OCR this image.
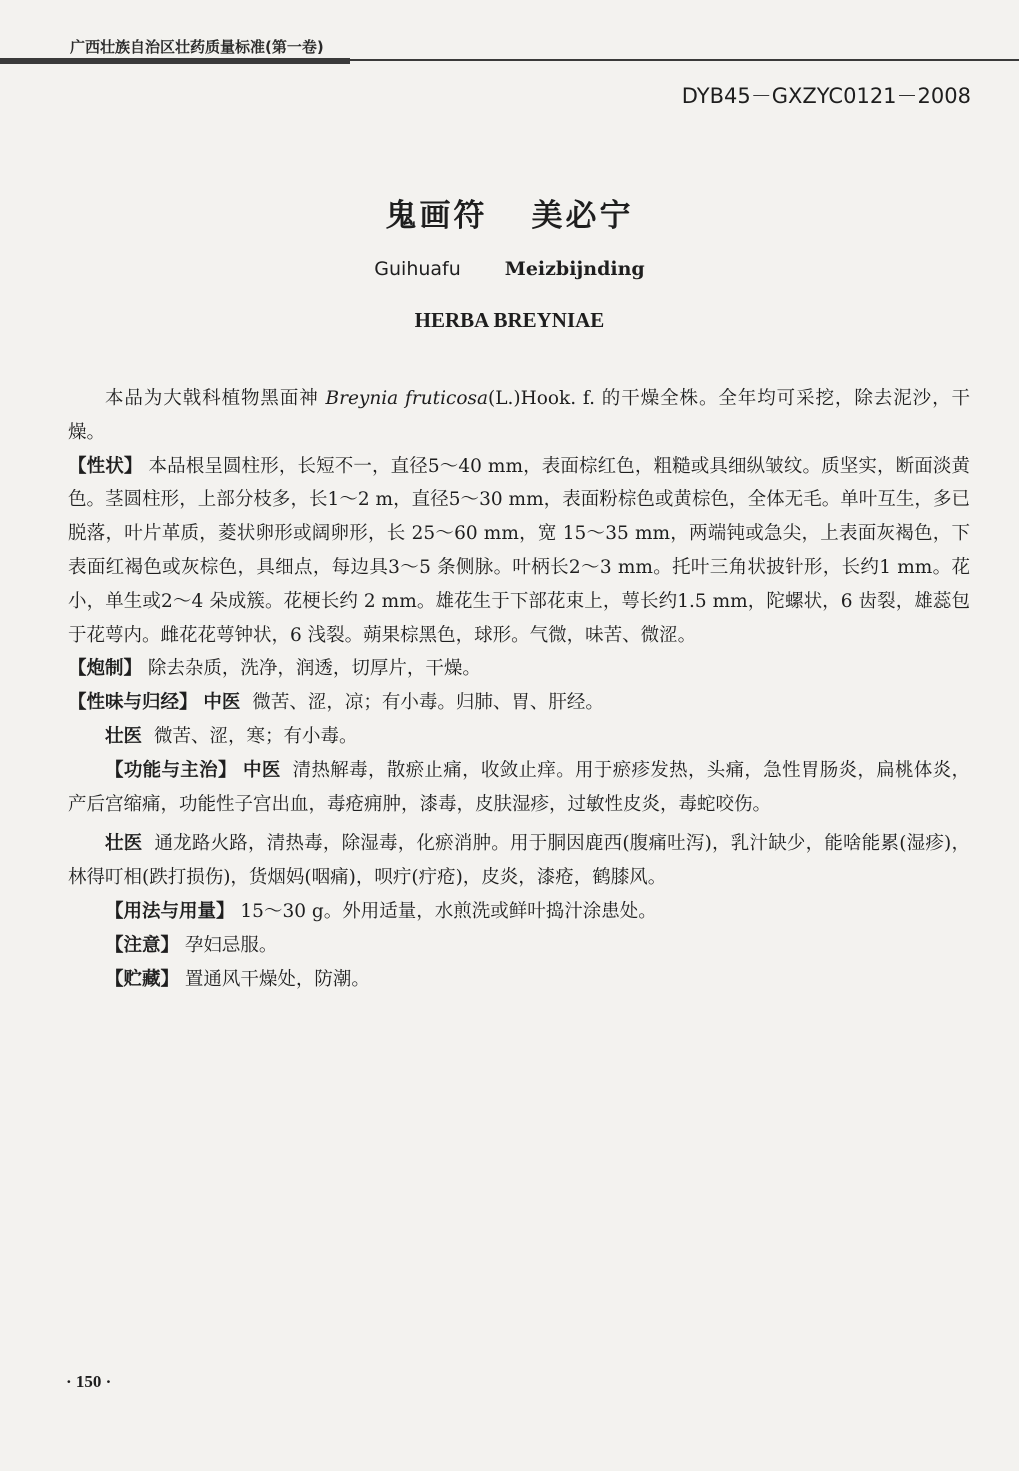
广西壮族自治区壮药质量标准(第一卷)
DYB45－GXZYC0121－2008
鬼画符 美必宁
Guihuafu Meizbijnding
HERBA BREYNIAE

本品为大戟科植物黑面神 Breynia fruticosa(L.)Hook. f. 的干燥全株。全年均可采挖，除去泥沙，干燥。

【性状】 本品根呈圆柱形，长短不一，直径5～40 mm，表面棕红色，粗糙或具细纵皱纹。质坚实，断面淡黄色。茎圆柱形，上部分枝多，长1～2 m，直径5～30 mm，表面粉棕色或黄棕色，全体无毛。单叶互生，多已脱落，叶片革质，菱状卵形或阔卵形，长 25～60 mm，宽 15～35 mm，两端钝或急尖，上表面灰褐色，下表面红褐色或灰棕色，具细点，每边具3～5 条侧脉。叶柄长2～3 mm。托叶三角状披针形，长约1 mm。花小，单生或2～4 朵成簇。花梗长约 2 mm。雄花生于下部花束上，萼长约1.5 mm，陀螺状，6 齿裂，雄蕊包于花萼内。雌花花萼钟状，6 浅裂。蒴果棕黑色，球形。气微，味苦、微涩。

【炮制】 除去杂质，洗净，润透，切厚片，干燥。

【性味与归经】 中医 微苦、涩，凉；有小毒。归肺、胃、肝经。

壮医 微苦、涩，寒；有小毒。

【功能与主治】 中医 清热解毒，散瘀止痛，收敛止痒。用于瘀疹发热，头痛，急性胃肠炎，扁桃体炎，产后宫缩痛，功能性子宫出血，毒疮痈肿，漆毒，皮肤湿疹，过敏性皮炎，毒蛇咬伤。

壮医 通龙路火路，清热毒，除湿毒，化瘀消肿。用于胴因鹿西(腹痛吐泻)，乳汁缺少，能啥能累(湿疹)，林得叮相(跌打损伤)，货烟妈(咽痛)，呗疔(疔疮)，皮炎，漆疮，鹤膝风。

【用法与用量】 15～30 g。外用适量，水煎洗或鲜叶捣汁涂患处。

【注意】 孕妇忌服。

【贮藏】 置通风干燥处，防潮。

· 150 ·
